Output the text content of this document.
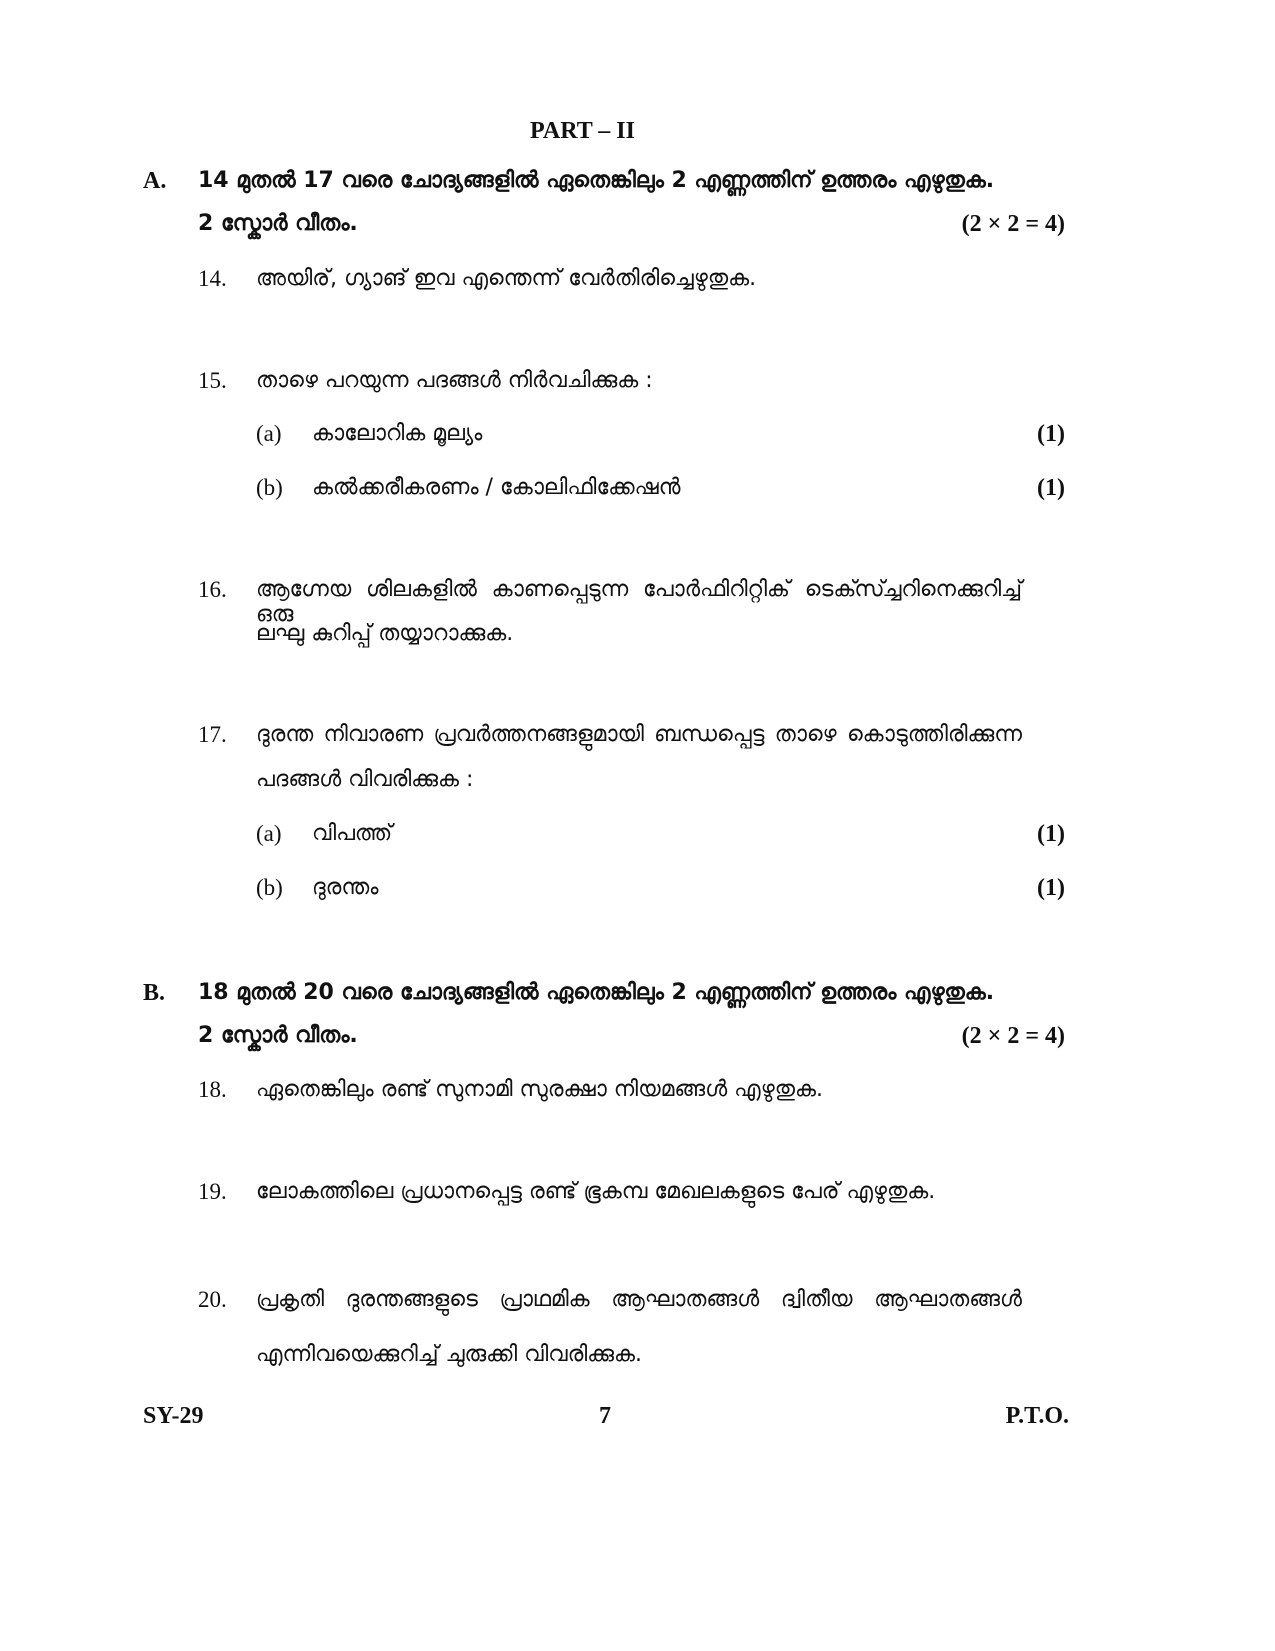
PART – II
A. 14 മുതൽ 17 വരെ ചോദ്യങ്ങളിൽ ഏതെങ്കിലും 2 എണ്ണത്തിന് ഉത്തരം എഴുതുക.
2 സ്കോർ വീതം.	(2 × 2 = 4)
14. അയിര്, ഗ്യാങ് ഇവ എന്തെന്ന് വേർതിരിച്ചെഴുതുക.
15. താഴെ പറയുന്ന പദങ്ങൾ നിർവചിക്കുക :
(a) കാലോറിക മൂല്യം	(1)
(b) കൽക്കരീകരണം / കോലിഫിക്കേഷൻ	(1)
16. ആഗ്നേയ ശിലകളിൽ കാണപ്പെടുന്ന പോർഫിറിറ്റിക് ടെക്സ്ച്ചറിനെക്കുറിച്ച് ഒരു
ലഘു കുറിപ്പ് തയ്യാറാക്കുക.
17. ദുരന്ത നിവാരണ പ്രവർത്തനങ്ങളുമായി ബന്ധപ്പെട്ട താഴെ കൊടുത്തിരിക്കുന്ന
പദങ്ങൾ വിവരിക്കുക :
(a) വിപത്ത്	(1)
(b) ദുരന്തം	(1)
B. 18 മുതൽ 20 വരെ ചോദ്യങ്ങളിൽ ഏതെങ്കിലും 2 എണ്ണത്തിന് ഉത്തരം എഴുതുക.
2 സ്കോർ വീതം.	(2 × 2 = 4)
18. ഏതെങ്കിലും രണ്ട് സുനാമി സുരക്ഷാ നിയമങ്ങൾ എഴുതുക.
19. ലോകത്തിലെ പ്രധാനപ്പെട്ട രണ്ട് ഭൂകമ്പ മേഖലകളുടെ പേര് എഴുതുക.
20. പ്രകൃതി ദുരന്തങ്ങളുടെ പ്രാഥമിക ആഘാതങ്ങൾ ദ്വിതീയ ആഘാതങ്ങൾ
എന്നിവയെക്കുറിച്ച് ചുരുക്കി വിവരിക്കുക.
SY-29	7	P.T.O.
